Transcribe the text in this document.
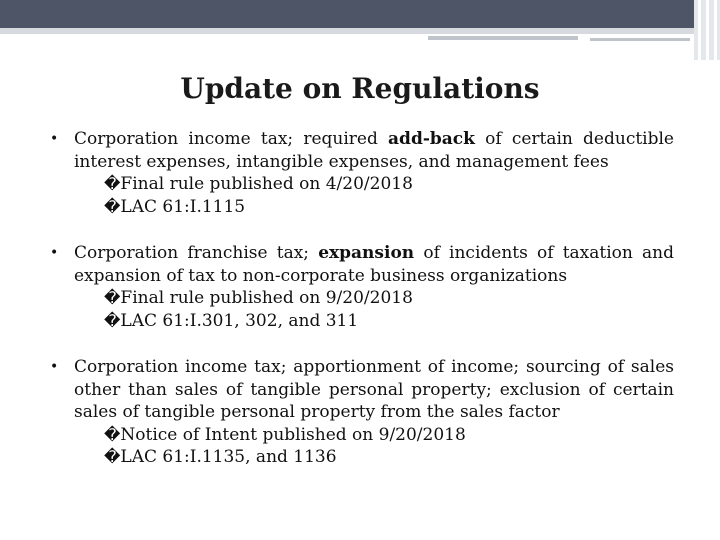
Update on Regulations
• Corporation income tax; required add-back of certain deductible interest expenses, intangible expenses, and management fees
�Final rule published on 4/20/2018
�LAC 61:I.1115
• Corporation franchise tax; expansion of incidents of taxation and expansion of tax to non-corporate business organizations
�Final rule published on 9/20/2018
�LAC 61:I.301, 302, and 311
• Corporation income tax; apportionment of income; sourcing of sales other than sales of tangible personal property; exclusion of certain sales of tangible personal property from the sales factor
�Notice of Intent published on 9/20/2018
�LAC 61:I.1135, and 1136
